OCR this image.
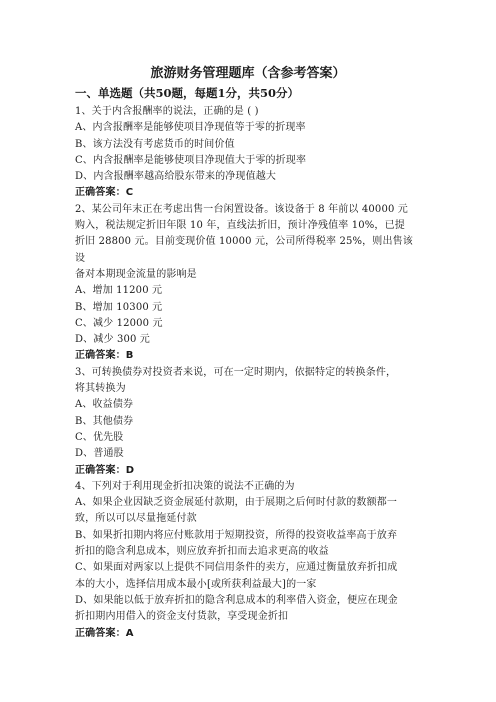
旅游财务管理题库（含参考答案）
一、单选题（共50题，每题1分，共50分）

1、关于内含报酬率的说法，正确的是 ( )

A、内含报酬率是能够使项目净现值等于零的折现率

B、该方法没有考虑货币的时间价值

C、内含报酬率是能够使项目净现值大于零的折现率

D、内含报酬率越高给股东带来的净现值越大

正确答案：C

2、某公司年末正在考虑出售一台闲置设备。该设备于 8 年前以 40000 元

购入，税法规定折旧年限 10 年，直线法折旧，预计净残值率 10%，已提

折旧 28800 元。目前变现价值 10000 元，公司所得税率 25%，则出售该设

备对本期现金流量的影响是

A、增加 11200 元

B、增加 10300 元

C、减少 12000 元

D、减少 300 元

正确答案：B

3、可转换债券对投资者来说，可在一定时期内，依据特定的转换条件，

将其转换为

A、收益债券

B、其他债券

C、优先股

D、普通股

正确答案：D

4、下列对于利用现金折扣决策的说法不正确的为

A、如果企业因缺乏资金展延付款期，由于展期之后何时付款的数额都一

致，所以可以尽量拖延付款

B、如果折扣期内将应付账款用于短期投资，所得的投资收益率高于放弃

折扣的隐含利息成本，则应放弃折扣而去追求更高的收益

C、如果面对两家以上提供不同信用条件的卖方，应通过衡量放弃折扣成

本的大小，选择信用成本最小[或所获利益最大]的一家

D、如果能以低于放弃折扣的隐含利息成本的利率借入资金，便应在现金

折扣期内用借入的资金支付货款，享受现金折扣

正确答案：A
